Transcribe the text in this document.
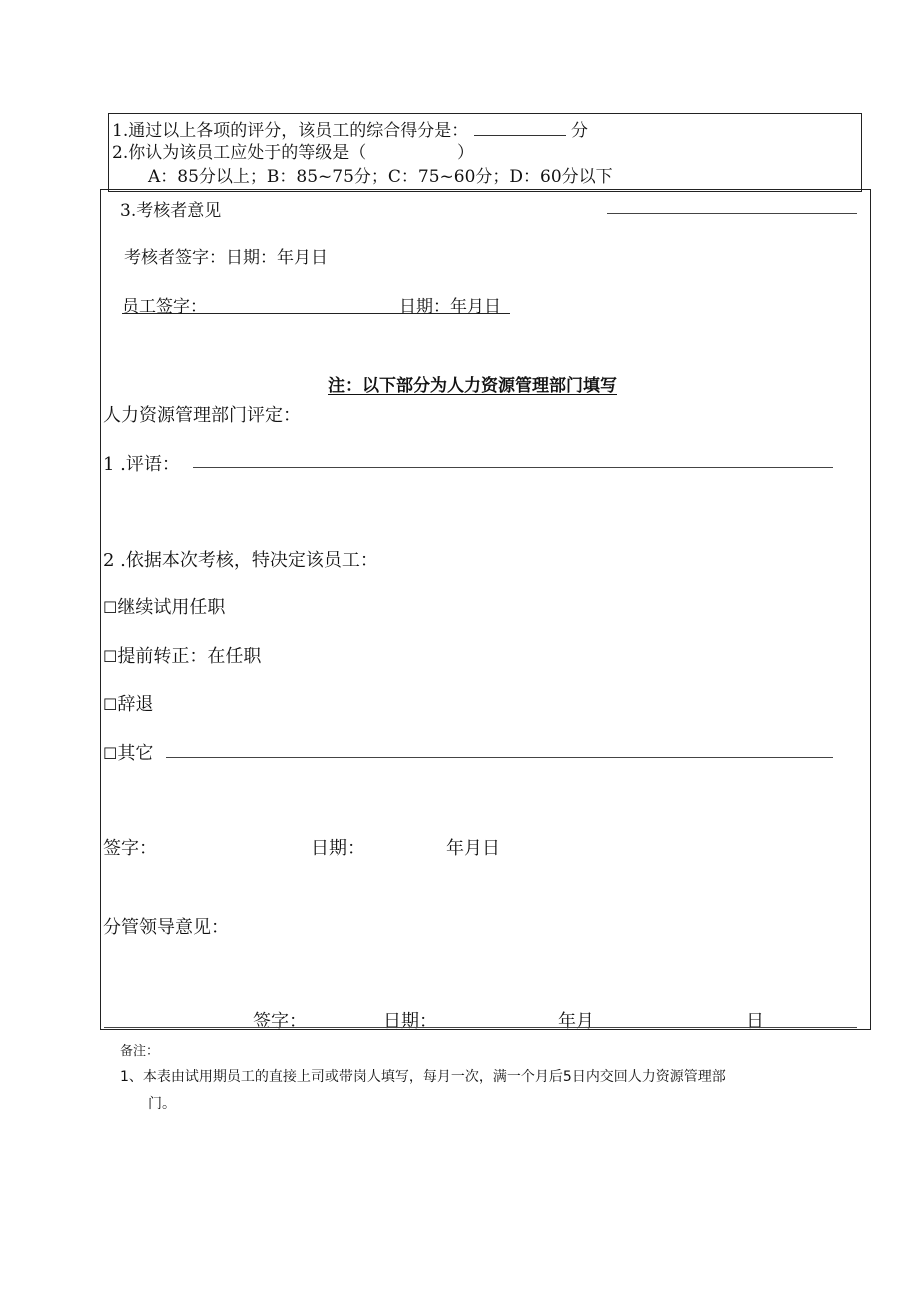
1.通过以上各项的评分，该员工的综合得分是：	分
2.你认为该员工应处于的等级是（	）
A：85分以上；B：85~75分；C：75~60分；D：60分以下
3.考核者意见
考核者签字：日期：年月日
员工签字：	日期：年月日
注：以下部分为人力资源管理部门填写
人力资源管理部门评定：
1 .评语：
2 .依据本次考核，特决定该员工：
☐继续试用任职
☐提前转正：在任职
☐辞退
☐其它
签字：	日期：	年月日
分管领导意见：
签字：	日期：	年月	日
备注：
1、本表由试用期员工的直接上司或带岗人填写，每月一次，满一个月后5日内交回人力资源管理部
门。
